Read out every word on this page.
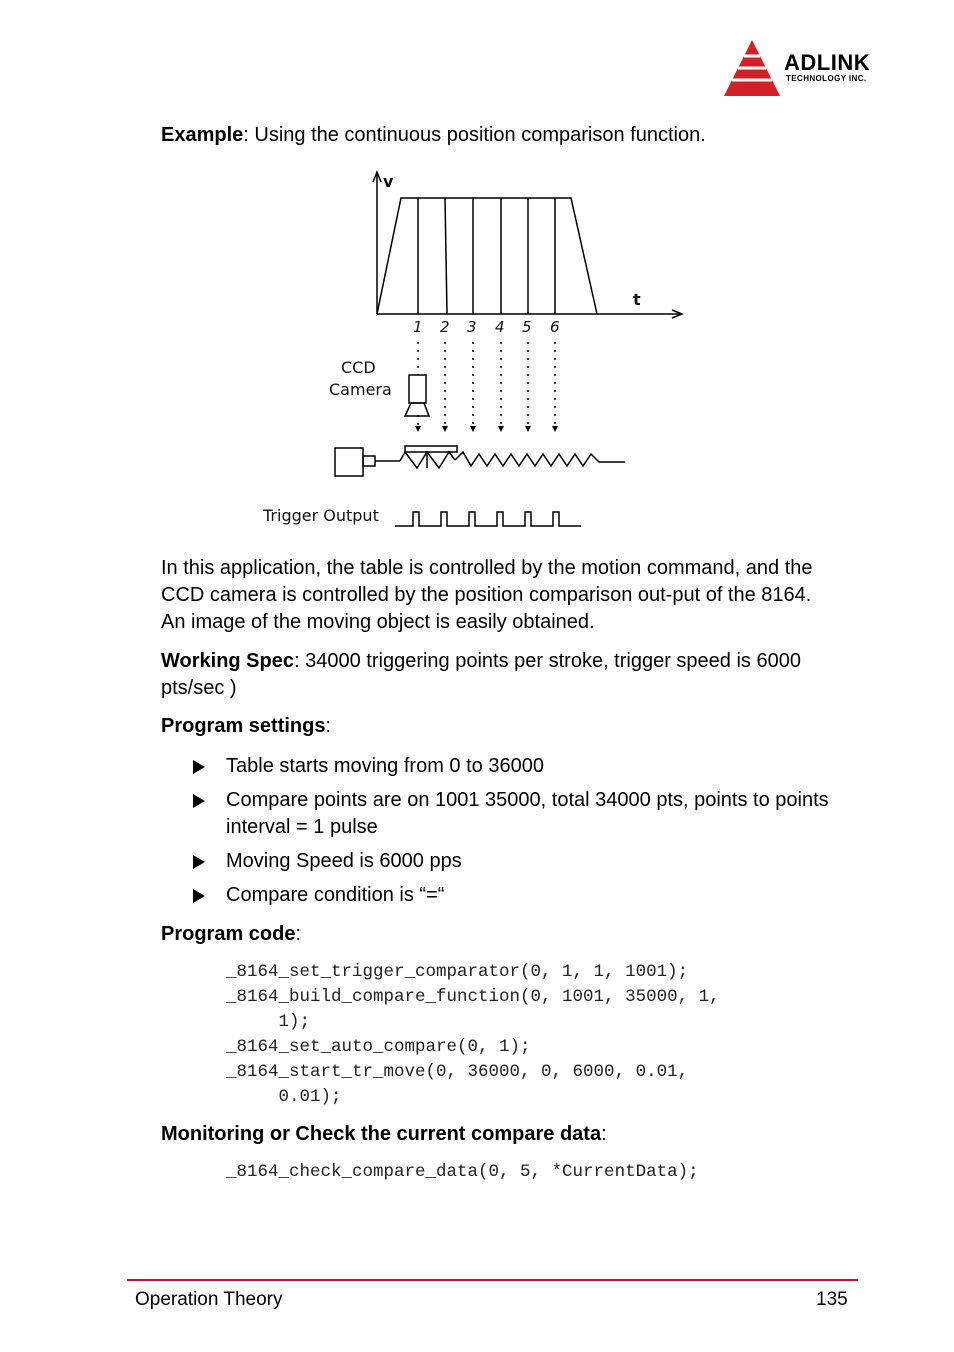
ADLINK
TECHNOLOGY INC.
Example: Using the continuous position comparison function.
v
t
1 2 3 4 5 6
CCD
Camera
Trigger Output
In this application, the table is controlled by the motion command, and the CCD camera is controlled by the position comparison out-put of the 8164. An image of the moving object is easily obtained.
Working Spec: 34000 triggering points per stroke, trigger speed is 6000 pts/sec )
Program settings:
Table starts moving from 0 to 36000
Compare points are on 1001 35000, total 34000 pts, points to points interval = 1 pulse
Moving Speed is 6000 pps
Compare condition is “=“
Program code:
_8164_set_trigger_comparator(0, 1, 1, 1001);
_8164_build_compare_function(0, 1001, 35000, 1,
1);
_8164_set_auto_compare(0, 1);
_8164_start_tr_move(0, 36000, 0, 6000, 0.01,
0.01);
Monitoring or Check the current compare data:
_8164_check_compare_data(0, 5, *CurrentData);
Operation Theory	135
